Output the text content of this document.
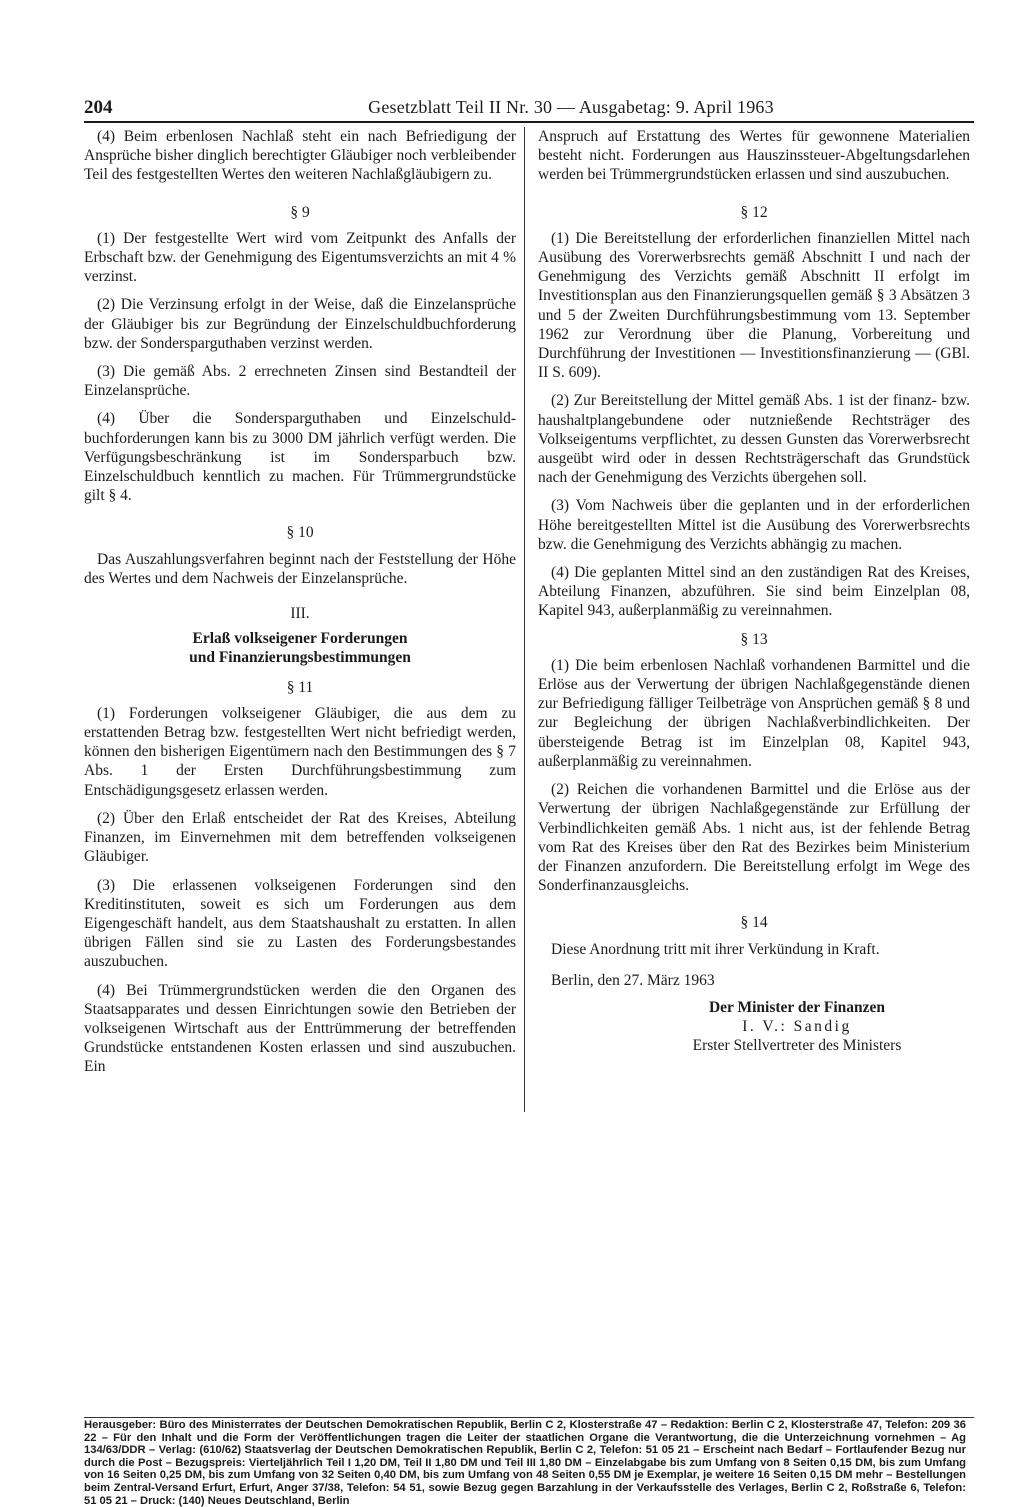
204	Gesetzblatt Teil II Nr. 30 — Ausgabetag: 9. April 1963

(4) Beim erbenlosen Nachlaß steht ein nach Befriedigung der Ansprüche bisher dinglich berechtigter Gläubiger noch verbleibender Teil des festgestellten Wertes den weiteren Nachlaßgläubigern zu.

§ 9

(1) Der festgestellte Wert wird vom Zeitpunkt des Anfalls der Erbschaft bzw. der Genehmigung des Eigentumsverzichts an mit 4 % verzinst.

(2) Die Verzinsung erfolgt in der Weise, daß die Einzelansprüche der Gläubiger bis zur Begründung der Einzelschuldbuchforderung bzw. der Sondersparguthaben verzinst werden.

(3) Die gemäß Abs. 2 errechneten Zinsen sind Bestandteil der Einzelansprüche.

(4) Über die Sondersparguthaben und Einzelschuldbuchforderungen kann bis zu 3000 DM jährlich verfügt werden. Die Verfügungsbeschränkung ist im Sondersparbuch bzw. Einzelschuldbuch kenntlich zu machen. Für Trümmergrundstücke gilt § 4.

§ 10

Das Auszahlungsverfahren beginnt nach der Feststellung der Höhe des Wertes und dem Nachweis der Einzelansprüche.

III.
Erlaß volkseigener Forderungen
und Finanzierungsbestimmungen
§ 11

(1) Forderungen volkseigener Gläubiger, die aus dem zu erstattenden Betrag bzw. festgestellten Wert nicht befriedigt werden, können den bisherigen Eigentümern nach den Bestimmungen des § 7 Abs. 1 der Ersten Durchführungsbestimmung zum Entschädigungsgesetz erlassen werden.

(2) Über den Erlaß entscheidet der Rat des Kreises, Abteilung Finanzen, im Einvernehmen mit dem betreffenden volkseigenen Gläubiger.

(3) Die erlassenen volkseigenen Forderungen sind den Kreditinstituten, soweit es sich um Forderungen aus dem Eigengeschäft handelt, aus dem Staatshaushalt zu erstatten. In allen übrigen Fällen sind sie zu Lasten des Forderungsbestandes auszubuchen.

(4) Bei Trümmergrundstücken werden die den Organen des Staatsapparates und dessen Einrichtungen sowie den Betrieben der volkseigenen Wirtschaft aus der Enttrümmerung der betreffenden Grundstücke entstandenen Kosten erlassen und sind auszubuchen. Ein

Anspruch auf Erstattung des Wertes für gewonnene Materialien besteht nicht. Forderungen aus Hauszinssteuer-Abgeltungsdarlehen werden bei Trümmergrundstücken erlassen und sind auszubuchen.

§ 12

(1) Die Bereitstellung der erforderlichen finanziellen Mittel nach Ausübung des Vorerwerbsrechts gemäß Abschnitt I und nach der Genehmigung des Verzichts gemäß Abschnitt II erfolgt im Investitionsplan aus den Finanzierungsquellen gemäß § 3 Absätzen 3 und 5 der Zweiten Durchführungsbestimmung vom 13. September 1962 zur Verordnung über die Planung, Vorbereitung und Durchführung der Investitionen — Investitionsfinanzierung — (GBl. II S. 609).

(2) Zur Bereitstellung der Mittel gemäß Abs. 1 ist der finanz- bzw. haushaltplangebundene oder nutznießende Rechtsträger des Volkseigentums verpflichtet, zu dessen Gunsten das Vorerwerbsrecht ausgeübt wird oder in dessen Rechtsträgerschaft das Grundstück nach der Genehmigung des Verzichts übergehen soll.

(3) Vom Nachweis über die geplanten und in der erforderlichen Höhe bereitgestellten Mittel ist die Ausübung des Vorerwerbsrechts bzw. die Genehmigung des Verzichts abhängig zu machen.

(4) Die geplanten Mittel sind an den zuständigen Rat des Kreises, Abteilung Finanzen, abzuführen. Sie sind beim Einzelplan 08, Kapitel 943, außerplanmäßig zu vereinnahmen.

§ 13

(1) Die beim erbenlosen Nachlaß vorhandenen Barmittel und die Erlöse aus der Verwertung der übrigen Nachlaßgegenstände dienen zur Befriedigung fälliger Teilbeträge von Ansprüchen gemäß § 8 und zur Begleichung der übrigen Nachlaßverbindlichkeiten. Der übersteigende Betrag ist im Einzelplan 08, Kapitel 943, außerplanmäßig zu vereinnahmen.

(2) Reichen die vorhandenen Barmittel und die Erlöse aus der Verwertung der übrigen Nachlaßgegenstände zur Erfüllung der Verbindlichkeiten gemäß Abs. 1 nicht aus, ist der fehlende Betrag vom Rat des Kreises über den Rat des Bezirkes beim Ministerium der Finanzen anzufordern. Die Bereitstellung erfolgt im Wege des Sonderfinanzausgleichs.

§ 14

Diese Anordnung tritt mit ihrer Verkündung in Kraft.

Berlin, den 27. März 1963
Der Minister der Finanzen
I. V.: Sandig
Erster Stellvertreter des Ministers
Herausgeber: Büro des Ministerrates der Deutschen Demokratischen Republik, Berlin C 2, Klosterstraße 47 – Redaktion: Berlin C 2, Klosterstraße 47, Telefon: 209 36 22 – Für den Inhalt und die Form der Veröffentlichungen tragen die Leiter der staatlichen Organe die Verantwortung, die die Unterzeichnung vornehmen – Ag 134/63/DDR – Verlag: (610/62) Staatsverlag der Deutschen Demokratischen Republik, Berlin C 2, Telefon: 51 05 21 – Erscheint nach Bedarf – Fortlaufender Bezug nur durch die Post – Bezugspreis: Vierteljährlich Teil I 1,20 DM, Teil II 1,80 DM und Teil III 1,80 DM – Einzelabgabe bis zum Umfang von 8 Seiten 0,15 DM, bis zum Umfang von 16 Seiten 0,25 DM, bis zum Umfang von 32 Seiten 0,40 DM, bis zum Umfang von 48 Seiten 0,55 DM je Exemplar, je weitere 16 Seiten 0,15 DM mehr – Bestellungen beim Zentral-Versand Erfurt, Erfurt, Anger 37/38, Telefon: 54 51, sowie Bezug gegen Barzahlung in der Verkaufsstelle des Verlages, Berlin C 2, Roßstraße 6, Telefon: 51 05 21 – Druck: (140) Neues Deutschland, Berlin
